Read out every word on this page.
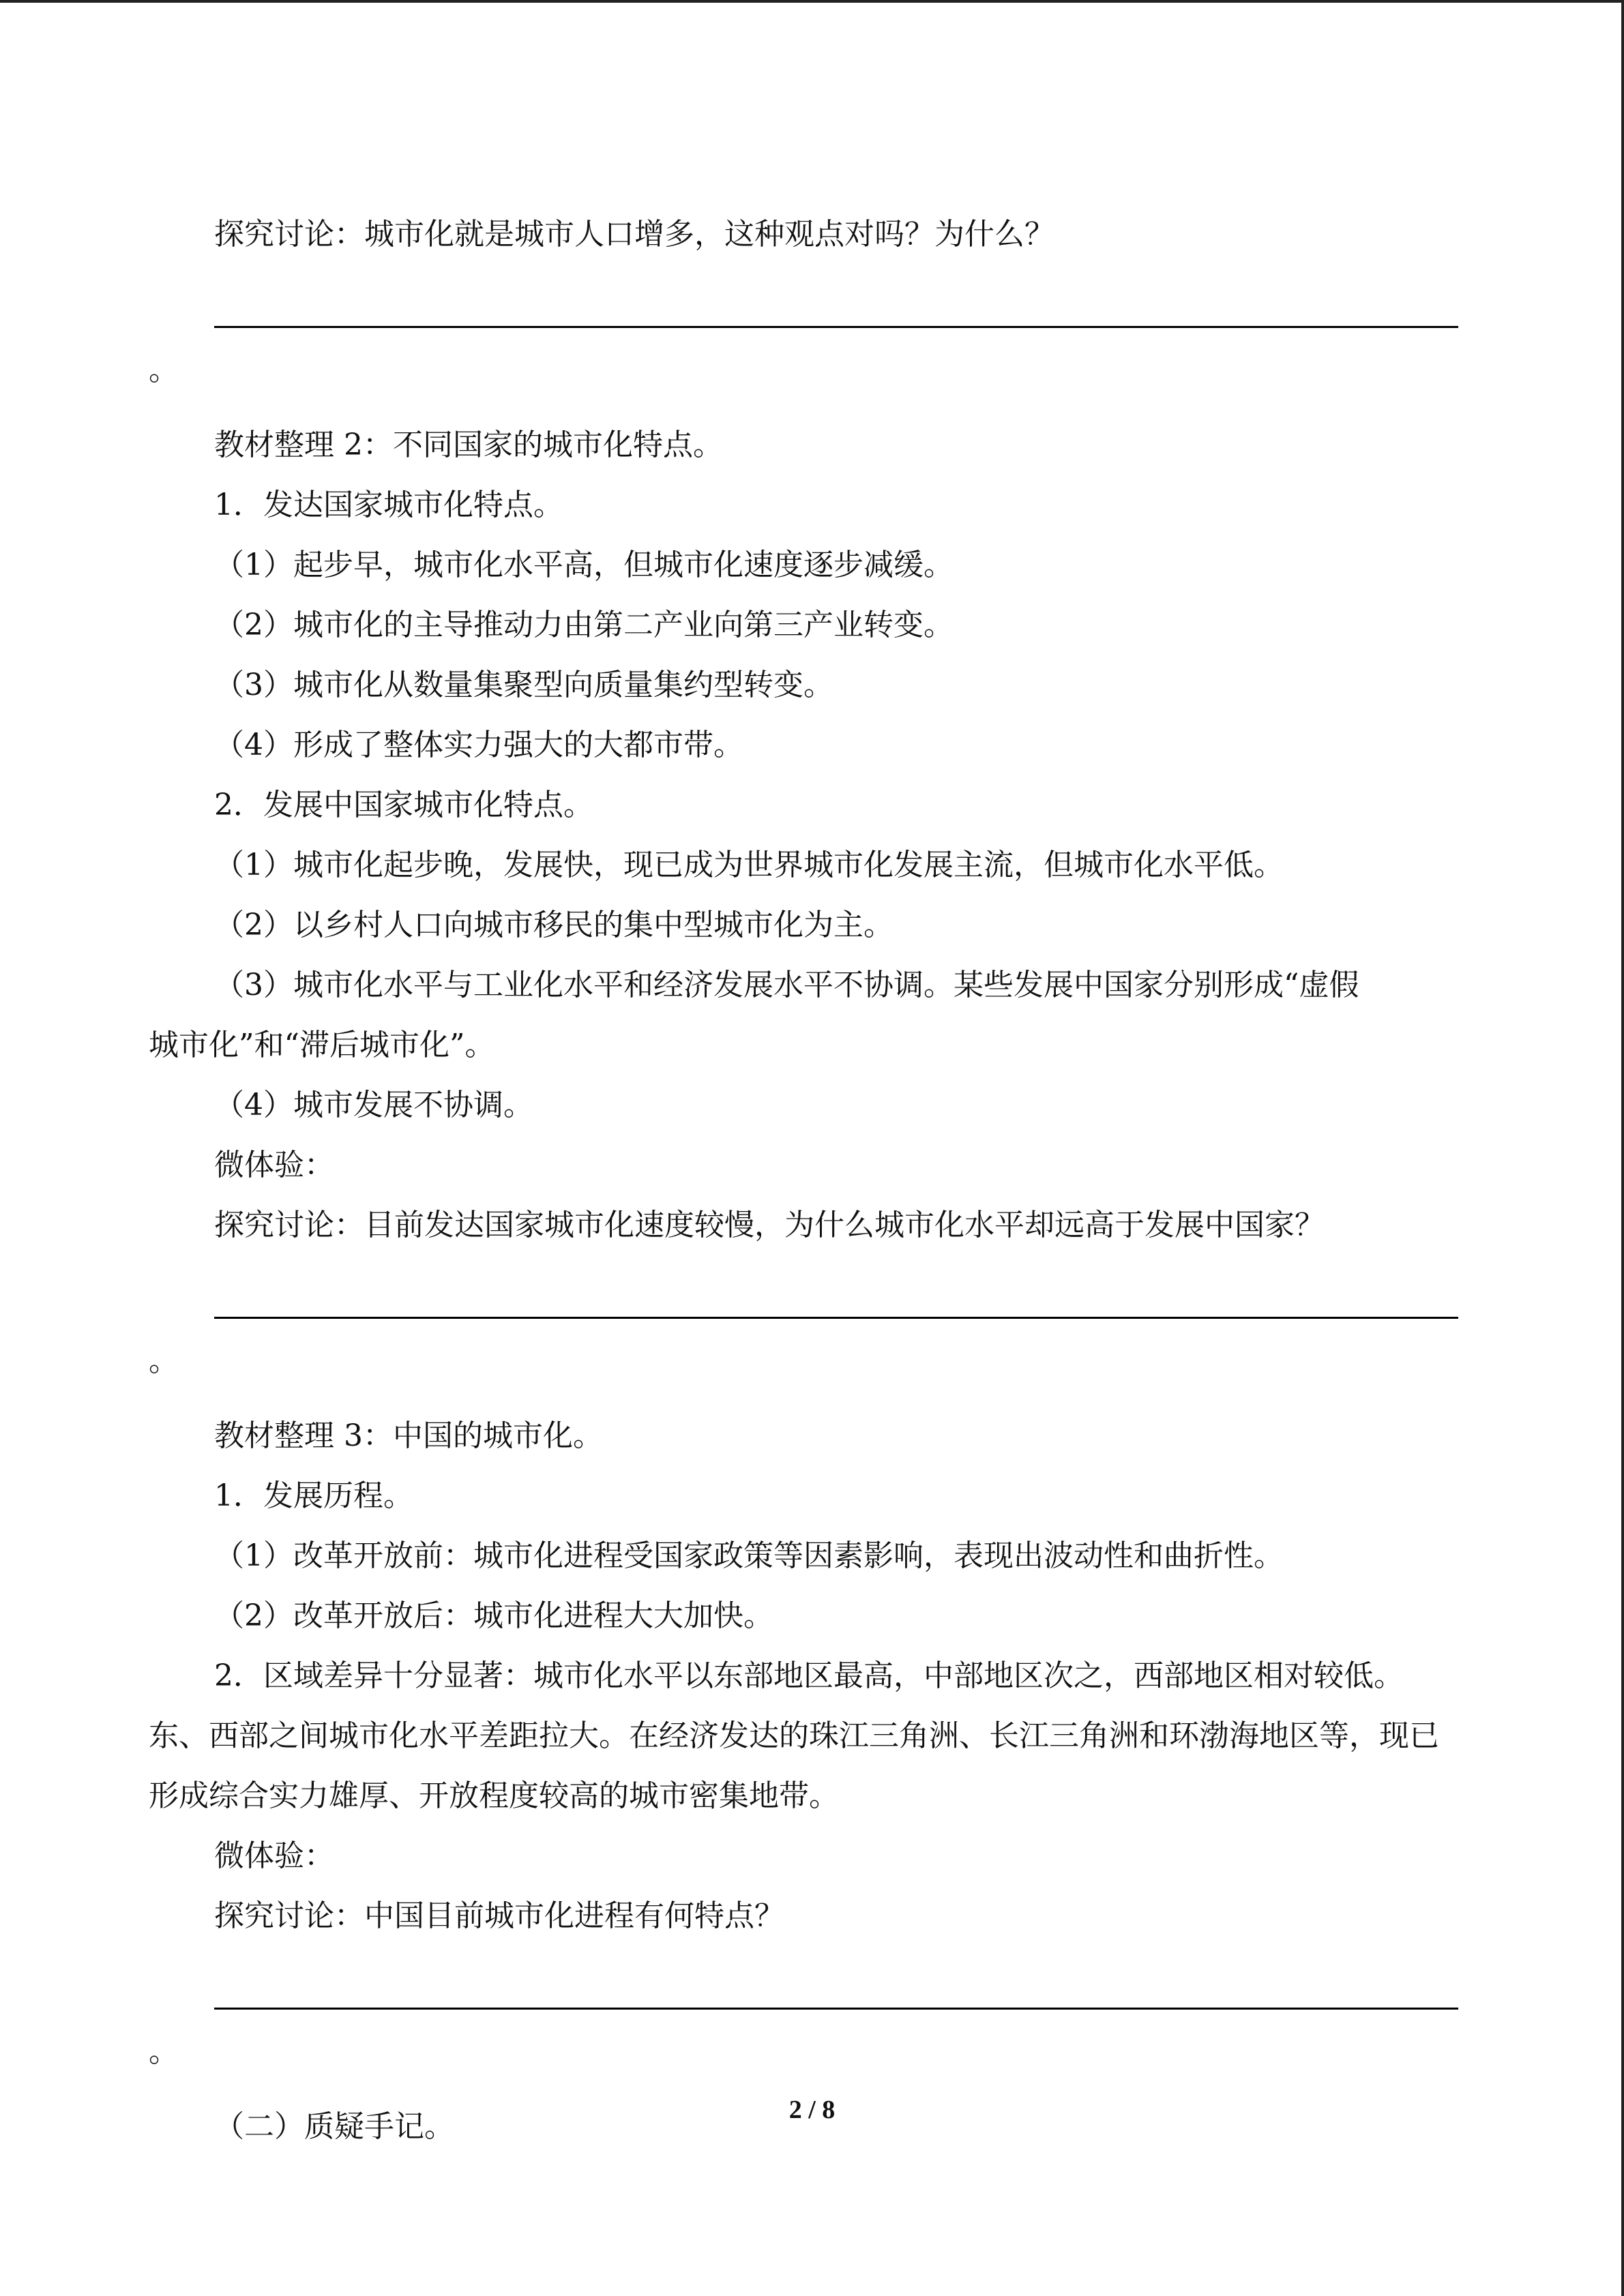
探究讨论：城市化就是城市人口增多，这种观点对吗？为什么？

。

教材整理 2：不同国家的城市化特点。

1．发达国家城市化特点。

（1）起步早，城市化水平高，但城市化速度逐步减缓。

（2）城市化的主导推动力由第二产业向第三产业转变。

（3）城市化从数量集聚型向质量集约型转变。

（4）形成了整体实力强大的大都市带。

2．发展中国家城市化特点。

（1）城市化起步晚，发展快，现已成为世界城市化发展主流，但城市化水平低。

（2）以乡村人口向城市移民的集中型城市化为主。

（3）城市化水平与工业化水平和经济发展水平不协调。某些发展中国家分别形成“虚假

城市化”和“滞后城市化”。

（4）城市发展不协调。

微体验：

探究讨论：目前发达国家城市化速度较慢，为什么城市化水平却远高于发展中国家？

。

教材整理 3：中国的城市化。

1．发展历程。

（1）改革开放前：城市化进程受国家政策等因素影响，表现出波动性和曲折性。

（2）改革开放后：城市化进程大大加快。

2．区域差异十分显著：城市化水平以东部地区最高，中部地区次之，西部地区相对较低。东、西部之间城市化水平差距拉大。在经济发达的珠江三角洲、长江三角洲和环渤海地区等，现已形成综合实力雄厚、开放程度较高的城市密集地带。

微体验：

探究讨论：中国目前城市化进程有何特点？

。

（二）质疑手记。	2 / 8
